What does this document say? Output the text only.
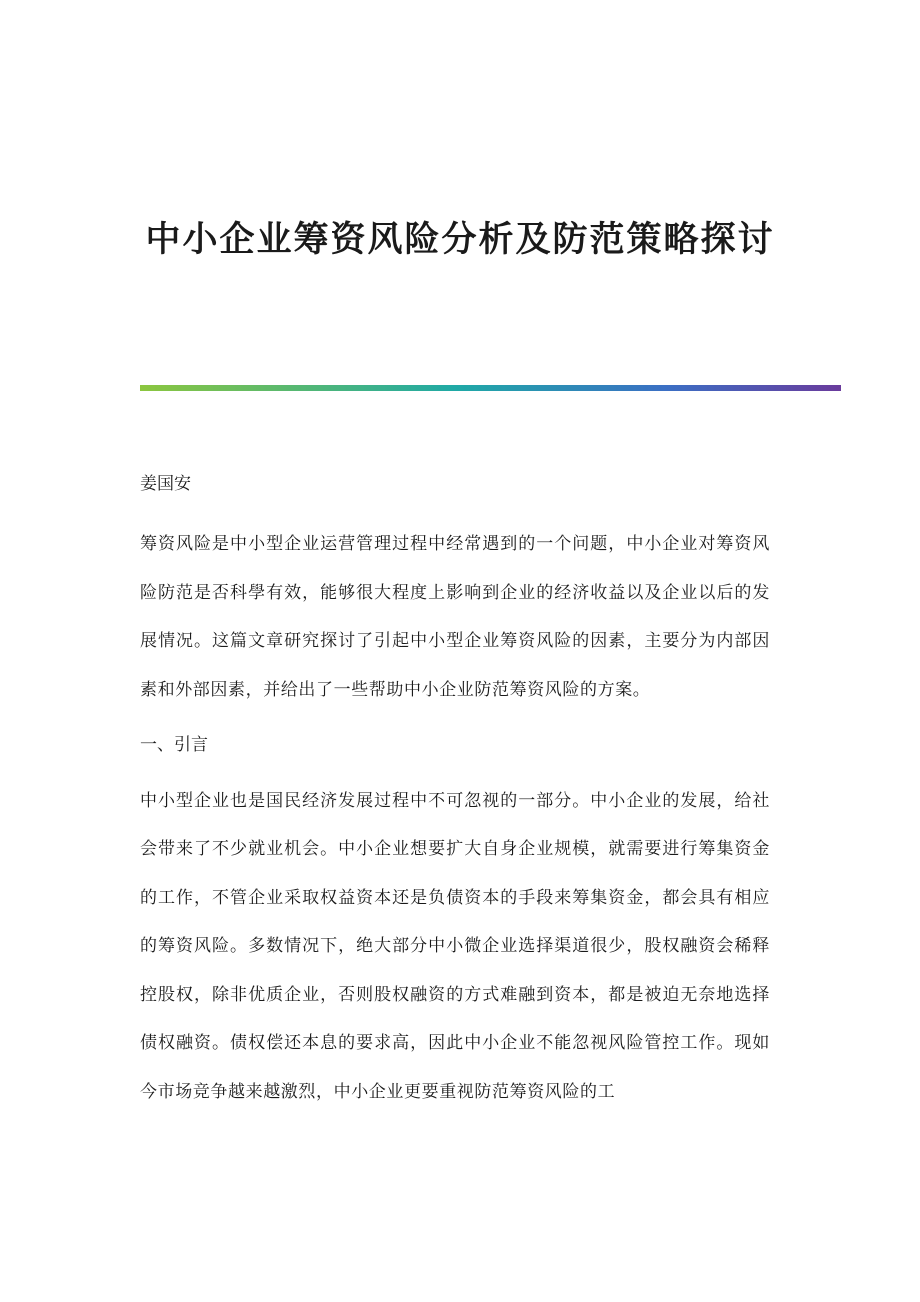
中小企业筹资风险分析及防范策略探讨

姜国安

筹资风险是中小型企业运营管理过程中经常遇到的一个问题，中小企业对筹资风险防范是否科學有效，能够很大程度上影响到企业的经济收益以及企业以后的发展情况。这篇文章研究探讨了引起中小型企业筹资风险的因素，主要分为内部因素和外部因素，并给出了一些帮助中小企业防范筹资风险的方案。

一、引言

中小型企业也是国民经济发展过程中不可忽视的一部分。中小企业的发展，给社会带来了不少就业机会。中小企业想要扩大自身企业规模，就需要进行筹集资金的工作，不管企业采取权益资本还是负债资本的手段来筹集资金，都会具有相应的筹资风险。多数情况下，绝大部分中小微企业选择渠道很少，股权融资会稀释控股权，除非优质企业，否则股权融资的方式难融到资本，都是被迫无奈地选择债权融资。债权偿还本息的要求高，因此中小企业不能忽视风险管控工作。现如今市场竞争越来越激烈，中小企业更要重视防范筹资风险的工
